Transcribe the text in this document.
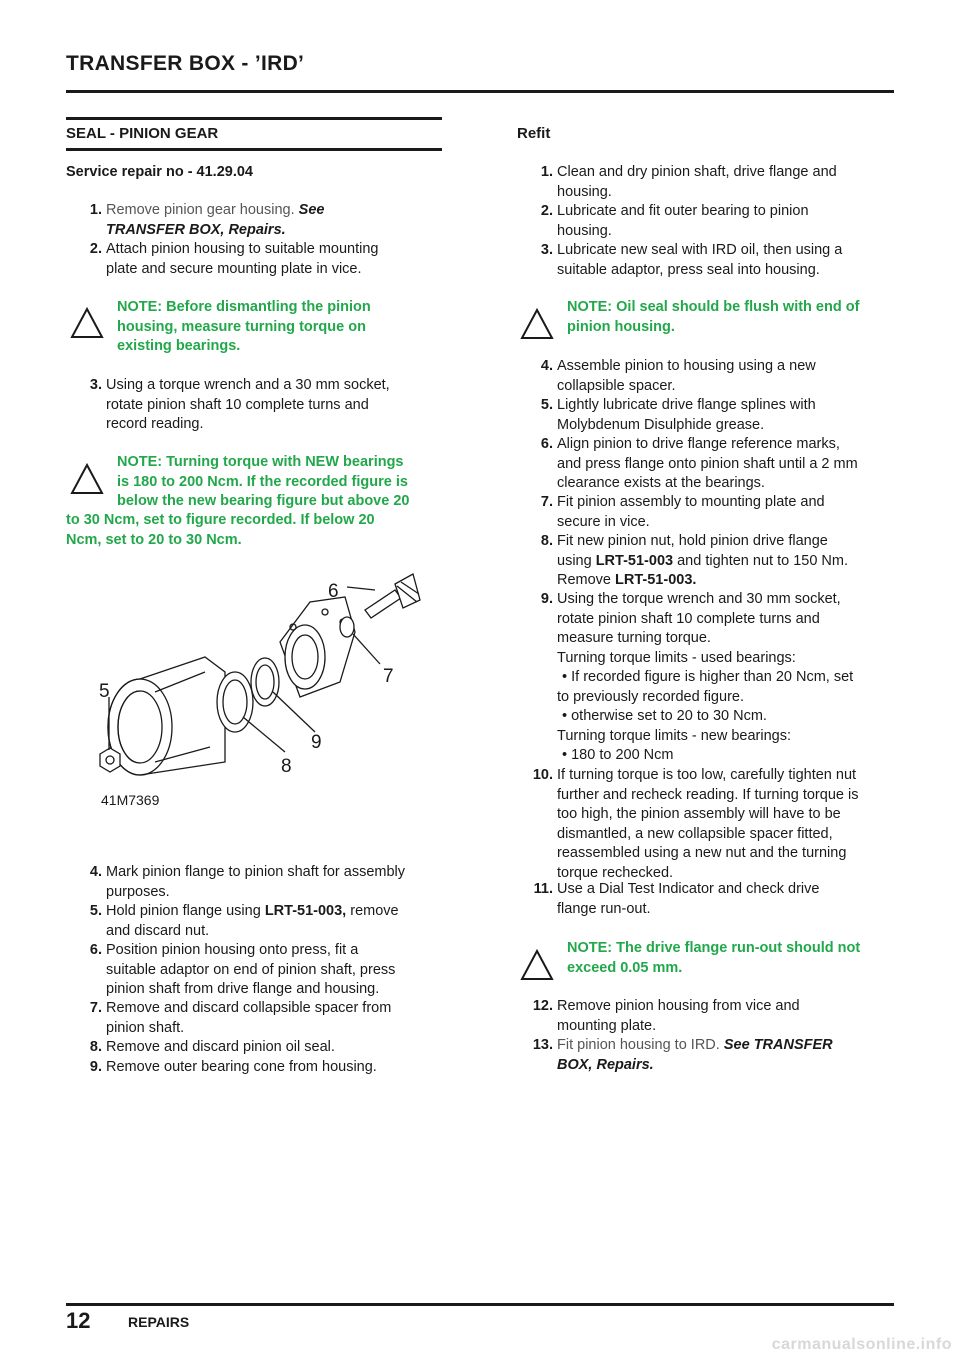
TRANSFER BOX - ’IRD’
SEAL - PINION GEAR
Service repair no - 41.29.04
1. Remove pinion gear housing. See
TRANSFER BOX, Repairs.
2. Attach pinion housing to suitable mounting
plate and secure mounting plate in vice.
NOTE: Before dismantling the pinion
housing, measure turning torque on
existing bearings.
3. Using a torque wrench and a 30 mm socket,
rotate pinion shaft 10 complete turns and
record reading.
NOTE: Turning torque with NEW bearings
is 180 to 200 Ncm. If the recorded figure is
below the new bearing figure but above 20
to 30 Ncm, set to figure recorded. If below 20
Ncm, set to 20 to 30 Ncm.
6
7
5
9
8
41M7369
4. Mark pinion flange to pinion shaft for assembly
purposes.
5. Hold pinion flange using LRT-51-003, remove
and discard nut.
6. Position pinion housing onto press, fit a
suitable adaptor on end of pinion shaft, press
pinion shaft from drive flange and housing.
7. Remove and discard collapsible spacer from
pinion shaft.
8. Remove and discard pinion oil seal.
9. Remove outer bearing cone from housing.
Refit
1. Clean and dry pinion shaft, drive flange and
housing.
2. Lubricate and fit outer bearing to pinion
housing.
3. Lubricate new seal with IRD oil, then using a
suitable adaptor, press seal into housing.
NOTE: Oil seal should be flush with end of
pinion housing.
4. Assemble pinion to housing using a new
collapsible spacer.
5. Lightly lubricate drive flange splines with
Molybdenum Disulphide grease.
6. Align pinion to drive flange reference marks,
and press flange onto pinion shaft until a 2 mm
clearance exists at the bearings.
7. Fit pinion assembly to mounting plate and
secure in vice.
8. Fit new pinion nut, hold pinion drive flange
using LRT-51-003 and tighten nut to 150 Nm.
Remove LRT-51-003.
9. Using the torque wrench and 30 mm socket,
rotate pinion shaft 10 complete turns and
measure turning torque.
Turning torque limits - used bearings:
• If recorded figure is higher than 20 Ncm, set
to previously recorded figure.
• otherwise set to 20 to 30 Ncm.
Turning torque limits - new bearings:
• 180 to 200 Ncm
10. If turning torque is too low, carefully tighten nut
further and recheck reading. If turning torque is
too high, the pinion assembly will have to be
dismantled, a new collapsible spacer fitted,
reassembled using a new nut and the turning
torque rechecked.
11. Use a Dial Test Indicator and check drive
flange run-out.
NOTE: The drive flange run-out should not
exceed 0.05 mm.
12. Remove pinion housing from vice and
mounting plate.
13. Fit pinion housing to IRD. See TRANSFER
BOX, Repairs.
12	REPAIRS
carmanualsonline.info
